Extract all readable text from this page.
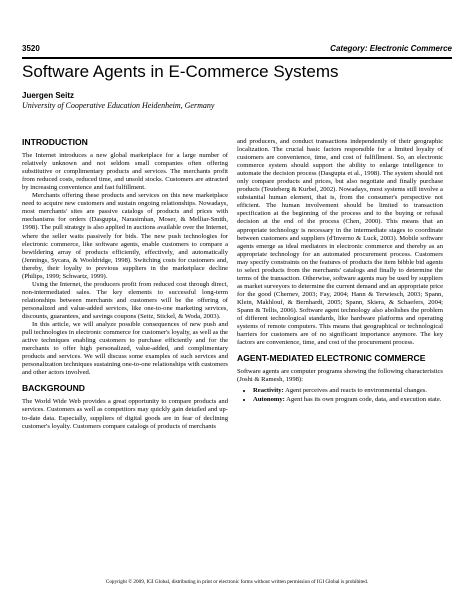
3520	Category: Electronic Commerce
Software Agents in E-Commerce Systems
Juergen Seitz
University of Cooperative Education Heidenheim, Germany
INTRODUCTION

The Internet introduces a new global marketplace for a large number of relatively unknown and not seldom small companies often offering substitutive or complimentary products and services. The merchants profit from reduced costs, reduced time, and unsold stocks. Customers are attracted by increasing convenience and fast fulfillment.

Merchants offering these products and services on this new marketplace need to acquire new customers and sustain ongoing relationships. Nowadays, most merchants' sites are passive catalogs of products and prices with mechanisms for orders (Dasgupta, Narasimhan, Moser, & Melliar-Smith, 1998). The pull strategy is also applied in auctions available over the Internet, where the seller waits passively for bids. The new push technologies for electronic commerce, like software agents, enable customers to compare a bewildering array of products efficiently, effectively, and automatically (Jennings, Sycara, & Wooldridge, 1998). Switching costs for customers and, thereby, their loyalty to previous suppliers in the marketplace decline (Philips, 1999; Schwartz, 1999).

Using the Internet, the producers profit from reduced cost through direct, non-intermediated sales. The key elements to successful long-term relationships between merchants and customers will be the offering of personalized and value-added services, like one-to-one marketing services, discounts, guarantees, and savings coupons (Seitz, Stickel, & Woda, 2003).

In this article, we will analyze possible consequences of new push and pull technologies in electronic commerce for customer's loyalty, as well as the active techniques enabling customers to purchase efficiently and for the merchants to offer high personalized, value-added, and complimentary products and services. We will discuss some examples of such services and personalization techniques sustaining one-to-one relationships with customers and other actors involved.

BACKGROUND

The World Wide Web provides a great opportunity to compare products and services. Customers as well as competitors may quickly gain detailed and up-to-date data. Especially, suppliers of digital goods are in fear of declining customer's loyalty. Customers compare catalogs of products of merchants

and producers, and conduct transactions independently of their geographic localization. The crucial basic factors responsible for a limited loyalty of customers are convenience, time, and cost of fulfillment. So, an electronic commerce system should support the ability to enlarge intelligence to automate the decision process (Dasgupta et al., 1998). The system should not only compare products and prices, but also negotiate and finally purchase products (Teuteberg & Kurbel, 2002). Nowadays, most systems still involve a substantial human element, that is, from the consumer's perspective not efficient. The human involvement should be limited to transaction specification at the beginning of the process and to the buying or refusal decision at the end of the process (Chen, 2000). This means that an appropriate technology is necessary in the intermediate stages to coordinate between customers and suppliers (d'Inverno & Luck, 2003). Mobile software agents emerge as ideal mediators in electronic commerce and thereby as an appropriate technology for an automated procurement process. Customers may specify constraints on the features of products the item bibble bid agents to select products from the merchants' catalogs and finally to determine the terms of the transaction. Otherwise, software agents may be used by suppliers as market surveyors to determine the current demand and an appropriate price for the good (Chernev, 2003; Fay, 2004; Hann & Terwiesch, 2003; Spann, Klein, Makhlouf, & Bernhardt, 2005; Spann, Skiera, & Schaefers, 2004; Spann & Tellis, 2006). Software agent technology also abolishes the problem of different technological standards, like hardware platforms and operating systems of remote computers. This means that geographical or technological barriers for customers are of no significant importance anymore. The key factors are convenience, time, and cost of the procurement process.

AGENT-MEDIATED ELECTRONIC COMMERCE

Software agents are computer programs showing the following characteristics (Joshi & Ramesh, 1998):

• Reactivity: Agent perceives and reacts to environmental changes.
• Autonomy: Agent has its own program code, data, and execution state.
Copyright © 2009, IGI Global, distributing in print or electronic forms without written permission of IGI Global is prohibited.
